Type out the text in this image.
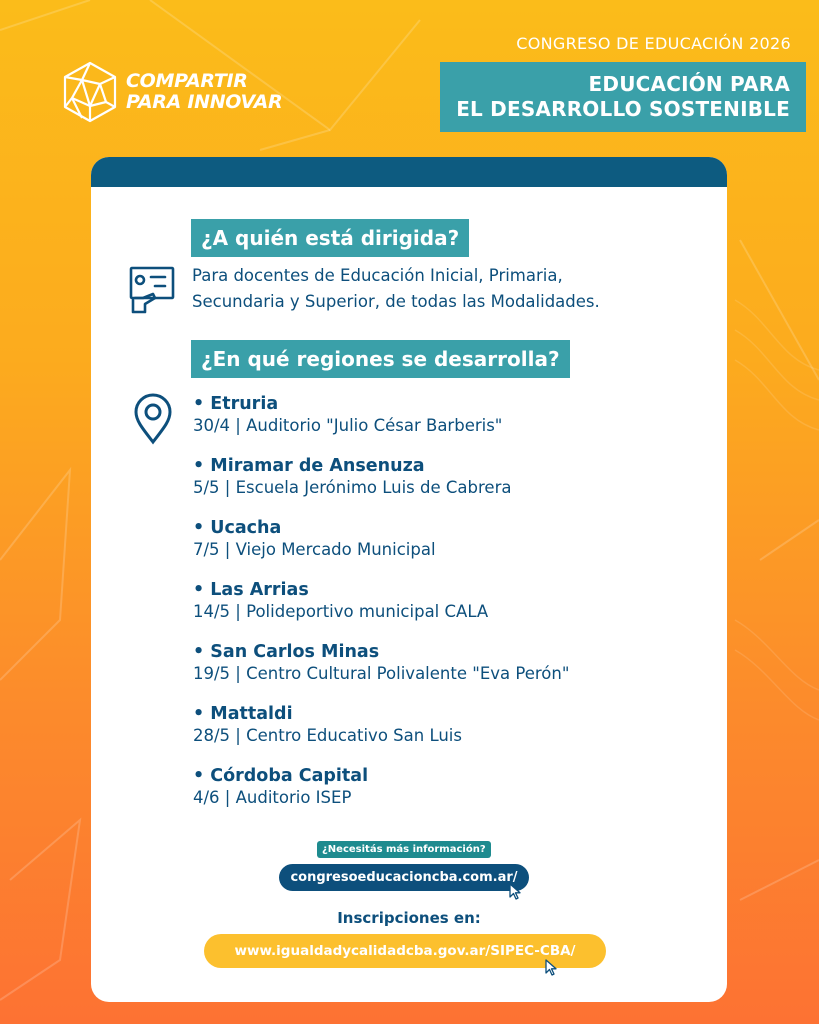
COMPARTIR
PARA INNOVAR
CONGRESO DE EDUCACIÓN 2026
EDUCACIÓN PARA
EL DESARROLLO SOSTENIBLE
¿A quién está dirigida?
Para docentes de Educación Inicial, Primaria,
Secundaria y Superior, de todas las Modalidades.
¿En qué regiones se desarrolla?
• Etruria
30/4 | Auditorio "Julio César Barberis"
• Miramar de Ansenuza
5/5 | Escuela Jerónimo Luis de Cabrera
• Ucacha
7/5 | Viejo Mercado Municipal
• Las Arrias
14/5 | Polideportivo municipal CALA
• San Carlos Minas
19/5 | Centro Cultural Polivalente "Eva Perón"
• Mattaldi
28/5 | Centro Educativo San Luis
• Córdoba Capital
4/6 | Auditorio ISEP
¿Necesitás más información?
congresoeducacioncba.com.ar/
Inscripciones en:
www.igualdadycalidadcba.gov.ar/SIPEC-CBA/
